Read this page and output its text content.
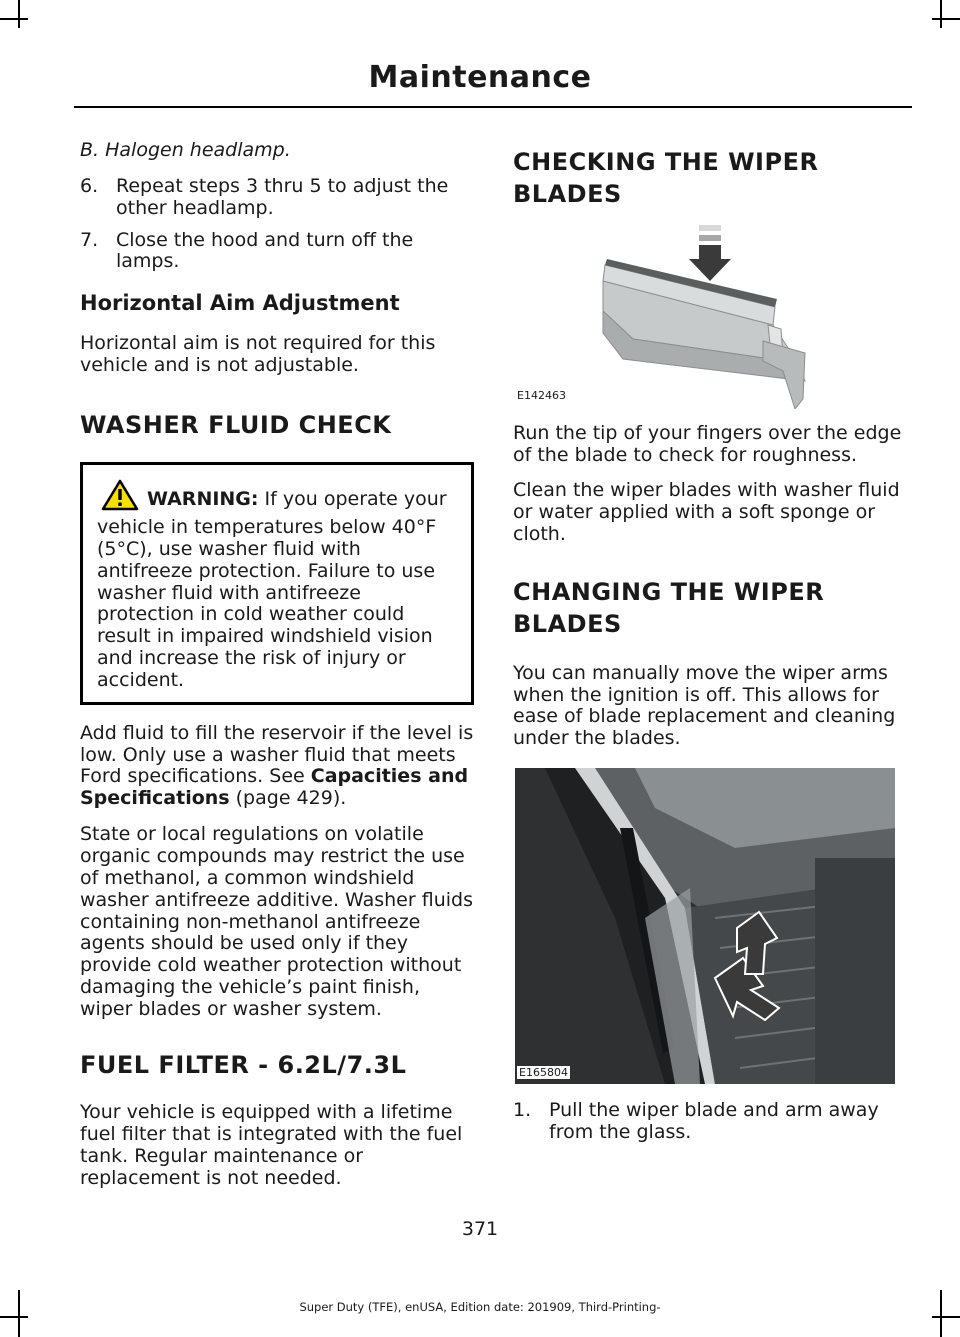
Maintenance

B. Halogen headlamp.

6. Repeat steps 3 thru 5 to adjust the other headlamp.
7. Close the hood and turn off the lamps.
Horizontal Aim Adjustment

Horizontal aim is not required for this vehicle and is not adjustable.

WASHER FLUID CHECK

WARNING: If you operate your vehicle in temperatures below 40°F (5°C), use washer fluid with antifreeze protection. Failure to use washer fluid with antifreeze protection in cold weather could result in impaired windshield vision and increase the risk of injury or accident.

Add fluid to fill the reservoir if the level is low. Only use a washer fluid that meets Ford specifications. See Capacities and Specifications (page 429).

State or local regulations on volatile organic compounds may restrict the use of methanol, a common windshield washer antifreeze additive. Washer fluids containing non-methanol antifreeze agents should be used only if they provide cold weather protection without damaging the vehicle’s paint finish, wiper blades or washer system.

FUEL FILTER - 6.2L/7.3L

Your vehicle is equipped with a lifetime fuel filter that is integrated with the fuel tank. Regular maintenance or replacement is not needed.

CHECKING THE WIPER BLADES
E142463

Run the tip of your fingers over the edge of the blade to check for roughness.

Clean the wiper blades with washer fluid or water applied with a soft sponge or cloth.

CHANGING THE WIPER BLADES

You can manually move the wiper arms when the ignition is off. This allows for ease of blade replacement and cleaning under the blades.

E165804
1. Pull the wiper blade and arm away from the glass.
371
Super Duty (TFE), enUSA, Edition date: 201909, Third-Printing-
